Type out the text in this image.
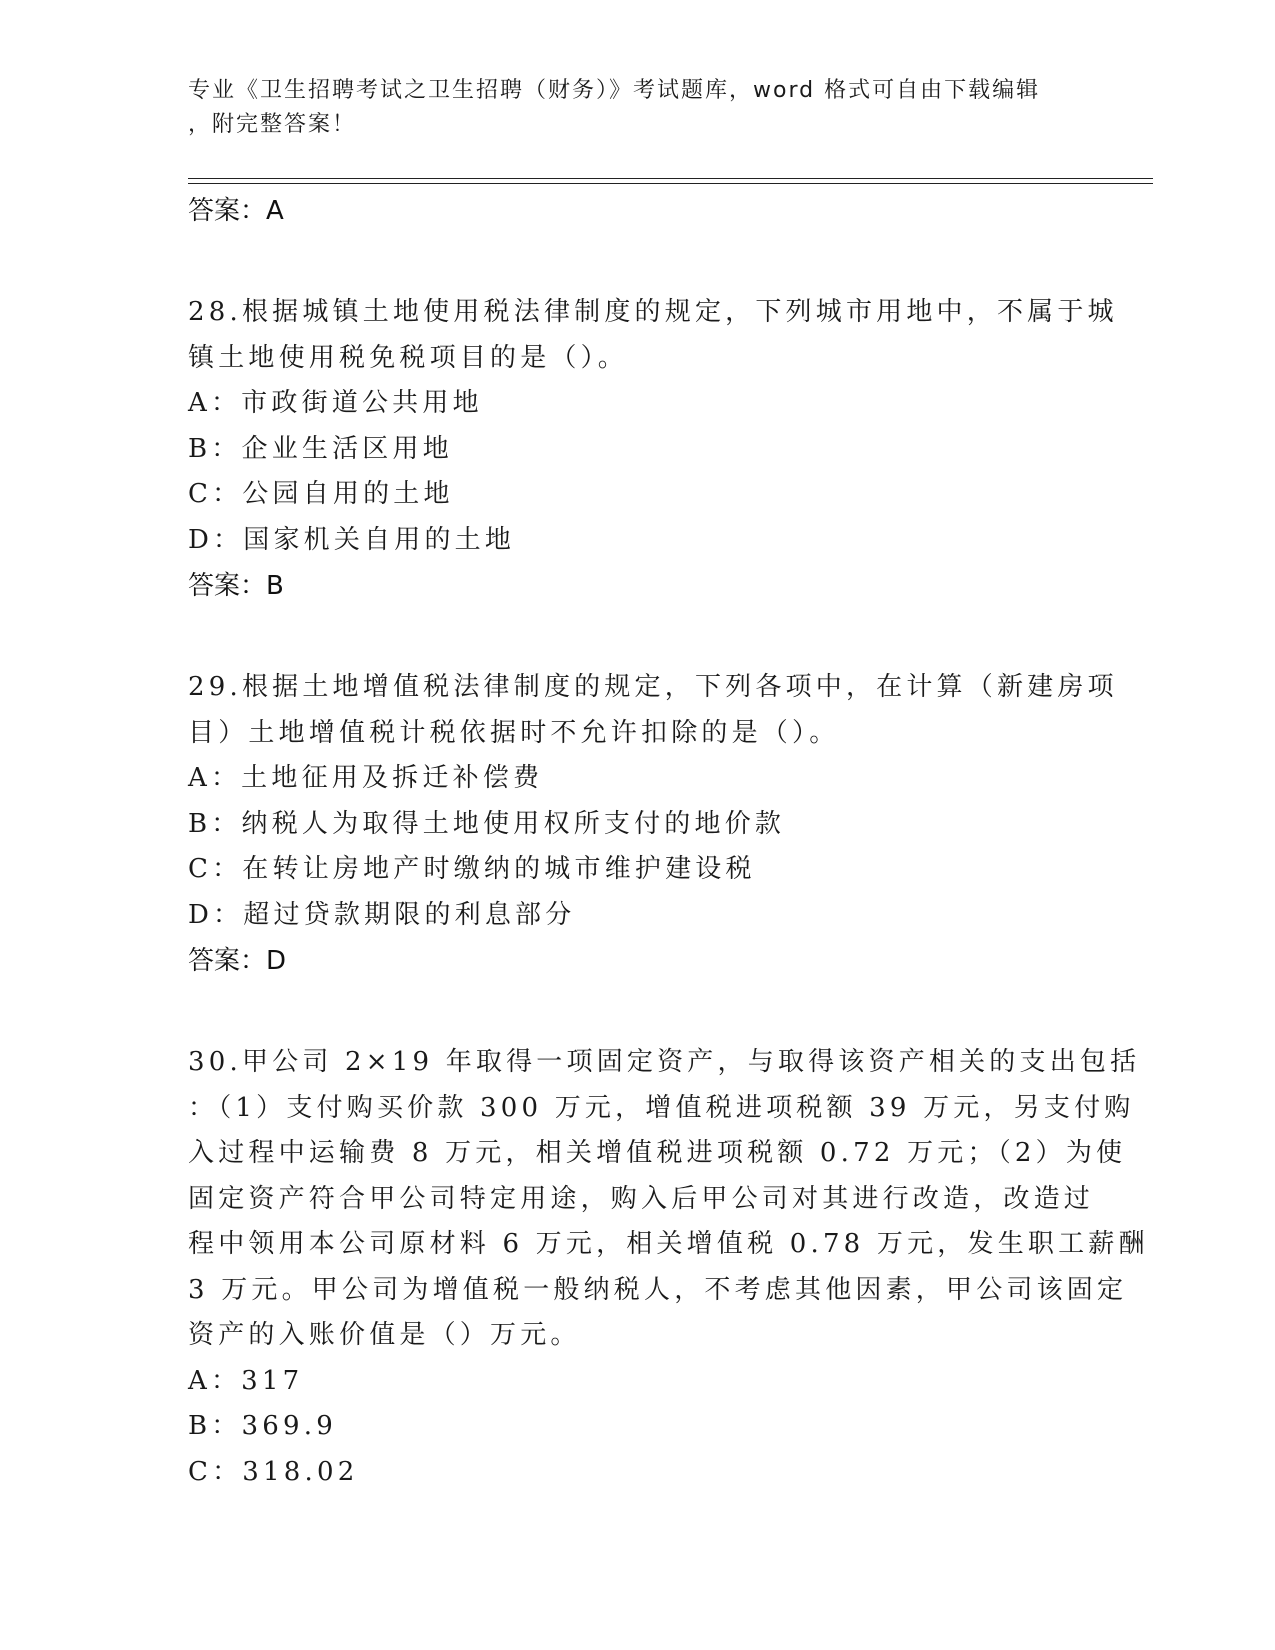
专业《卫生招聘考试之卫生招聘（财务）》考试题库，word 格式可自由下载编辑
，附完整答案！
答案：A

28.根据城镇土地使用税法律制度的规定，下列城市用地中，不属于城
镇土地使用税免税项目的是（）。

A：市政街道公共用地

B：企业生活区用地

C：公园自用的土地

D：国家机关自用的土地

答案：B

29.根据土地增值税法律制度的规定，下列各项中，在计算（新建房项
目）土地增值税计税依据时不允许扣除的是（）。

A：土地征用及拆迁补偿费

B：纳税人为取得土地使用权所支付的地价款

C：在转让房地产时缴纳的城市维护建设税

D：超过贷款期限的利息部分

答案：D

30.甲公司 2×19 年取得一项固定资产，与取得该资产相关的支出包括
：（1）支付购买价款 300 万元，增值税进项税额 39 万元，另支付购
入过程中运输费 8 万元，相关增值税进项税额 0.72 万元；（2）为使
固定资产符合甲公司特定用途，购入后甲公司对其进行改造，改造过
程中领用本公司原材料 6 万元，相关增值税 0.78 万元，发生职工薪酬
3 万元。甲公司为增值税一般纳税人，不考虑其他因素，甲公司该固定
资产的入账价值是（）万元。

A：317

B：369.9

C：318.02
